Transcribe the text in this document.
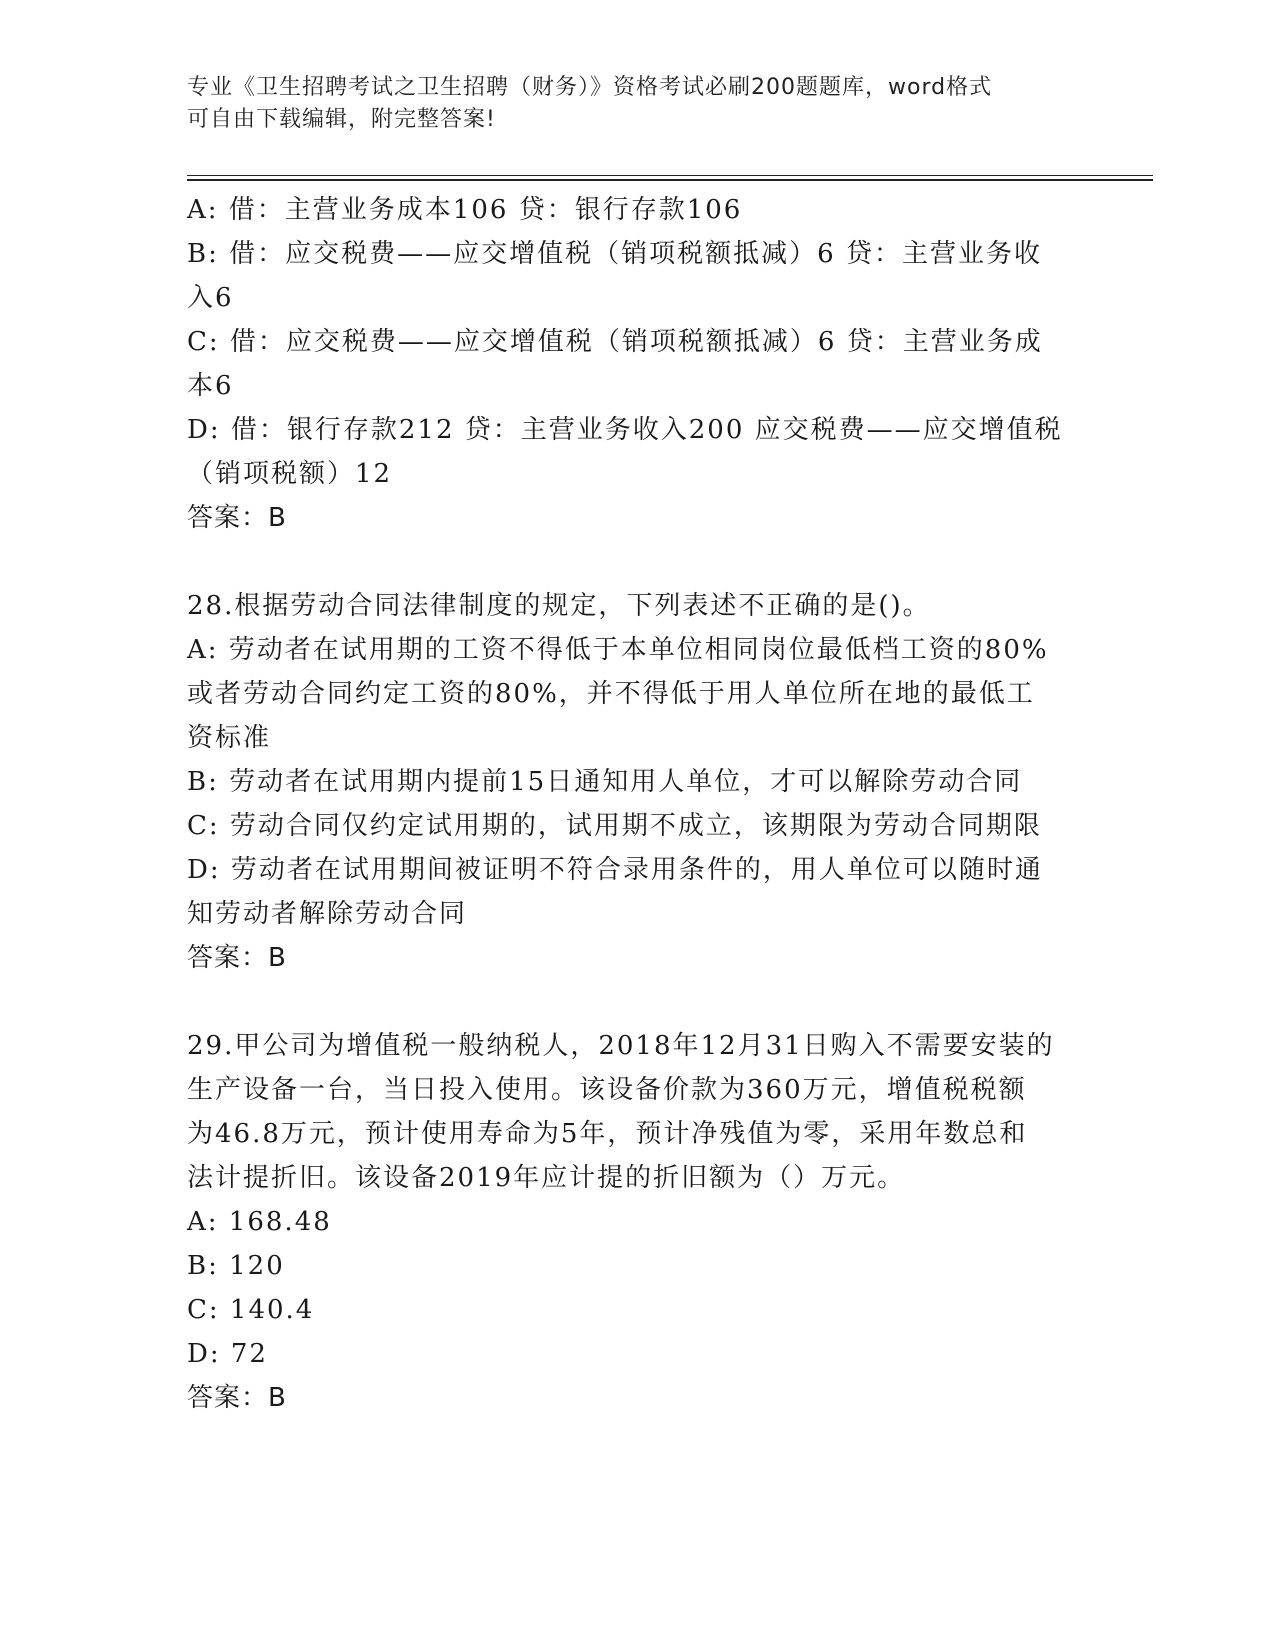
专业《卫生招聘考试之卫生招聘（财务）》资格考试必刷200题题库，word格式
可自由下载编辑，附完整答案!
A: 借：主营业务成本106 贷：银行存款106
B: 借：应交税费——应交增值税（销项税额抵减）6 贷：主营业务收
入6
C: 借：应交税费——应交增值税（销项税额抵减）6 贷：主营业务成
本6
D: 借：银行存款212 贷：主营业务收入200 应交税费——应交增值税
（销项税额）12
答案：B
28.根据劳动合同法律制度的规定，下列表述不正确的是()。
A: 劳动者在试用期的工资不得低于本单位相同岗位最低档工资的80%
或者劳动合同约定工资的80%，并不得低于用人单位所在地的最低工
资标准
B: 劳动者在试用期内提前15日通知用人单位，才可以解除劳动合同
C: 劳动合同仅约定试用期的，试用期不成立，该期限为劳动合同期限
D: 劳动者在试用期间被证明不符合录用条件的，用人单位可以随时通
知劳动者解除劳动合同
答案：B
29.甲公司为增值税一般纳税人，2018年12月31日购入不需要安装的
生产设备一台，当日投入使用。该设备价款为360万元，增值税税额
为46.8万元，预计使用寿命为5年，预计净残值为零，采用年数总和
法计提折旧。该设备2019年应计提的折旧额为（）万元。
A: 168.48
B: 120
C: 140.4
D: 72
答案：B
